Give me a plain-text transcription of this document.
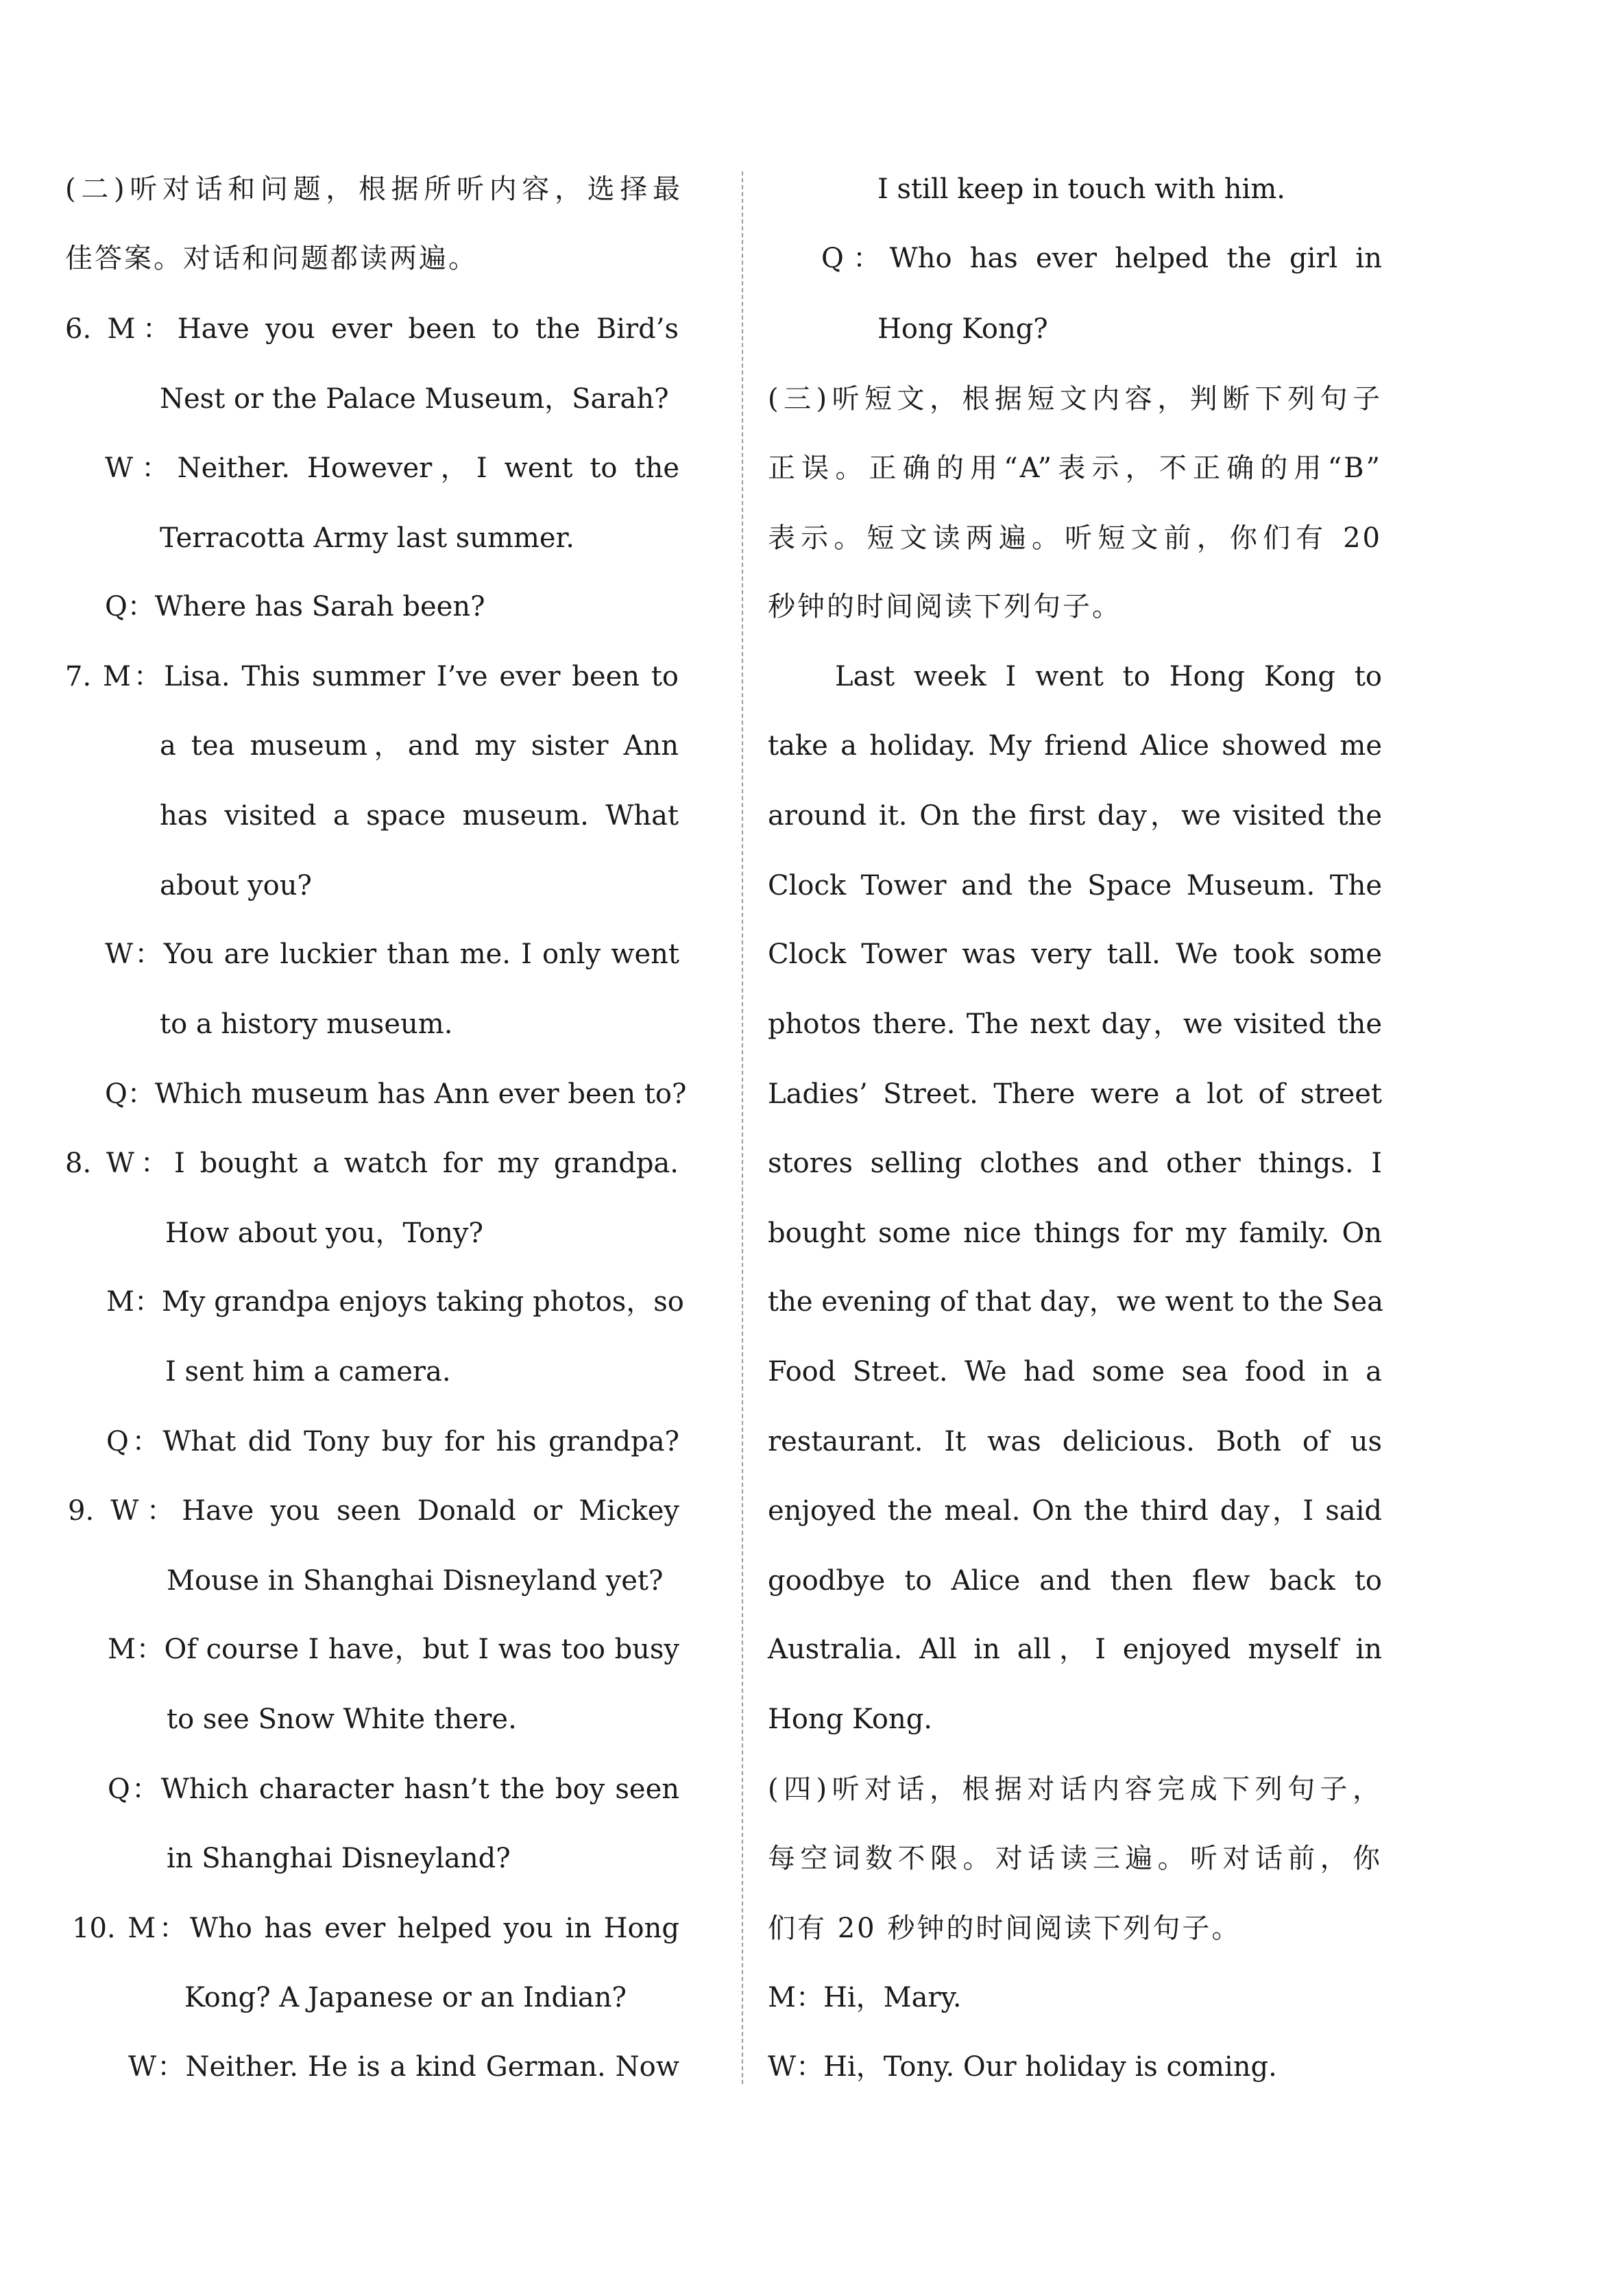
(二)听对话和问题，根据所听内容，选择最
佳答案。对话和问题都读两遍。
6. M：Have you ever been to the Bird’s
Nest or the Palace Museum，Sarah?
W：Neither. However，I went to the
Terracotta Army last summer.
Q：Where has Sarah been?
7. M：Lisa. This summer I’ve ever been to
a tea museum，and my sister Ann
has visited a space museum. What
about you?
W：You are luckier than me. I only went
to a history museum.
Q：Which museum has Ann ever been to?
8. W：I bought a watch for my grandpa.
How about you，Tony?
M：My grandpa enjoys taking photos，so
I sent him a camera.
Q：What did Tony buy for his grandpa?
9. W：Have you seen Donald or Mickey
Mouse in Shanghai Disneyland yet?
M：Of course I have，but I was too busy
to see Snow White there.
Q：Which character hasn’t the boy seen
in Shanghai Disneyland?
10. M：Who has ever helped you in Hong
Kong? A Japanese or an Indian?
W：Neither. He is a kind German. Now
I still keep in touch with him.
Q：Who has ever helped the girl in
Hong Kong?
(三)听短文，根据短文内容，判断下列句子
正误。正确的用“A”表示，不正确的用“B”
表示。短文读两遍。听短文前，你们有 20
秒钟的时间阅读下列句子。
Last week I went to Hong Kong to
take a holiday. My friend Alice showed me
around it. On the first day，we visited the
Clock Tower and the Space Museum. The
Clock Tower was very tall. We took some
photos there. The next day，we visited the
Ladies’ Street. There were a lot of street
stores selling clothes and other things. I
bought some nice things for my family. On
the evening of that day，we went to the Sea
Food Street. We had some sea food in a
restaurant. It was delicious. Both of us
enjoyed the meal. On the third day，I said
goodbye to Alice and then flew back to
Australia. All in all，I enjoyed myself in
Hong Kong.
(四)听对话，根据对话内容完成下列句子，
每空词数不限。对话读三遍。听对话前，你
们有 20 秒钟的时间阅读下列句子。
M：Hi，Mary.
W：Hi，Tony. Our holiday is coming.
